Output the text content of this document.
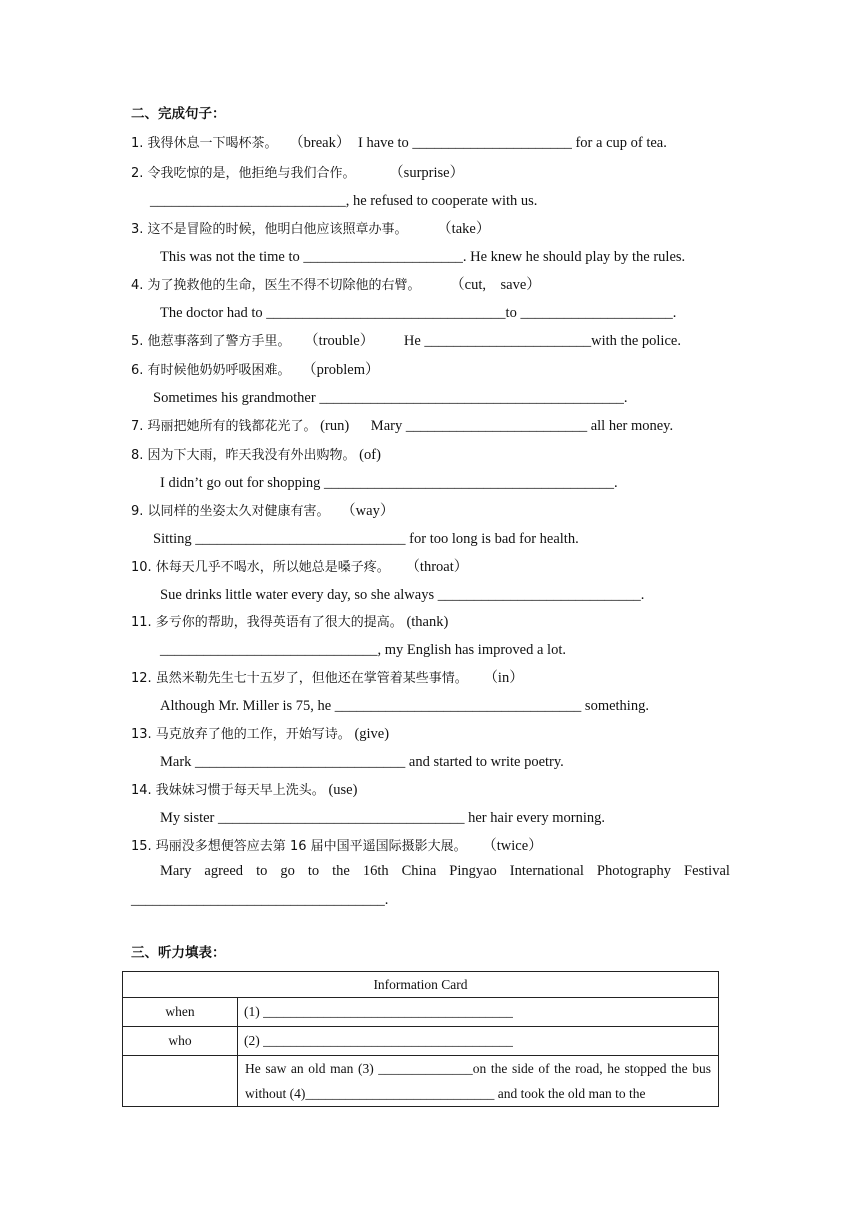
二、完成句子：
1. 我得休息一下喝杯茶。 （break） I have to ______________________ for a cup of tea.
2. 令我吃惊的是，他拒绝与我们合作。 （surprise）
___________________________, he refused to cooperate with us.
3. 这不是冒险的时候，他明白他应该照章办事。 （take）
This was not the time to ______________________. He knew he should play by the rules.
4. 为了挽救他的生命，医生不得不切除他的右臂。 （cut,　save）
The doctor had to _________________________________to _____________________.
5. 他惹事落到了警方手里。 （trouble） He _______________________with the police.
6. 有时候他奶奶呼吸困难。 （problem）
Sometimes his grandmother __________________________________________.
7. 玛丽把她所有的钱都花光了。 (run) Mary _________________________ all her money.
8. 因为下大雨，昨天我没有外出购物。 (of)
I didn’t go out for shopping ________________________________________.
9. 以同样的坐姿太久对健康有害。 （way）
Sitting _____________________________ for too long is bad for health.
10. 休每天几乎不喝水，所以她总是嗓子疼。 （throat）
Sue drinks little water every day, so she always ____________________________.
11. 多亏你的帮助，我得英语有了很大的提高。 (thank)
______________________________, my English has improved a lot.
12. 虽然米勒先生七十五岁了，但他还在掌管着某些事情。 （in）
Although Mr. Miller is 75, he __________________________________ something.
13. 马克放弃了他的工作，开始写诗。 (give)
Mark _____________________________ and started to write poetry.
14. 我妹妹习惯于每天早上洗头。 (use)
My sister __________________________________ her hair every morning.
15. 玛丽没多想便答应去第 16 届中国平遥国际摄影大展。 （twice）
Mary agreed to go to the 16th China Pingyao International Photography Festival
___________________________________.
三、听力填表：
Information Card	
when	(1) _____________________________________
who	(2) _____________________________________
	He saw an old man (3) ______________on the side of the road, he stopped the bus without (4)____________________________ and took the old man to the
